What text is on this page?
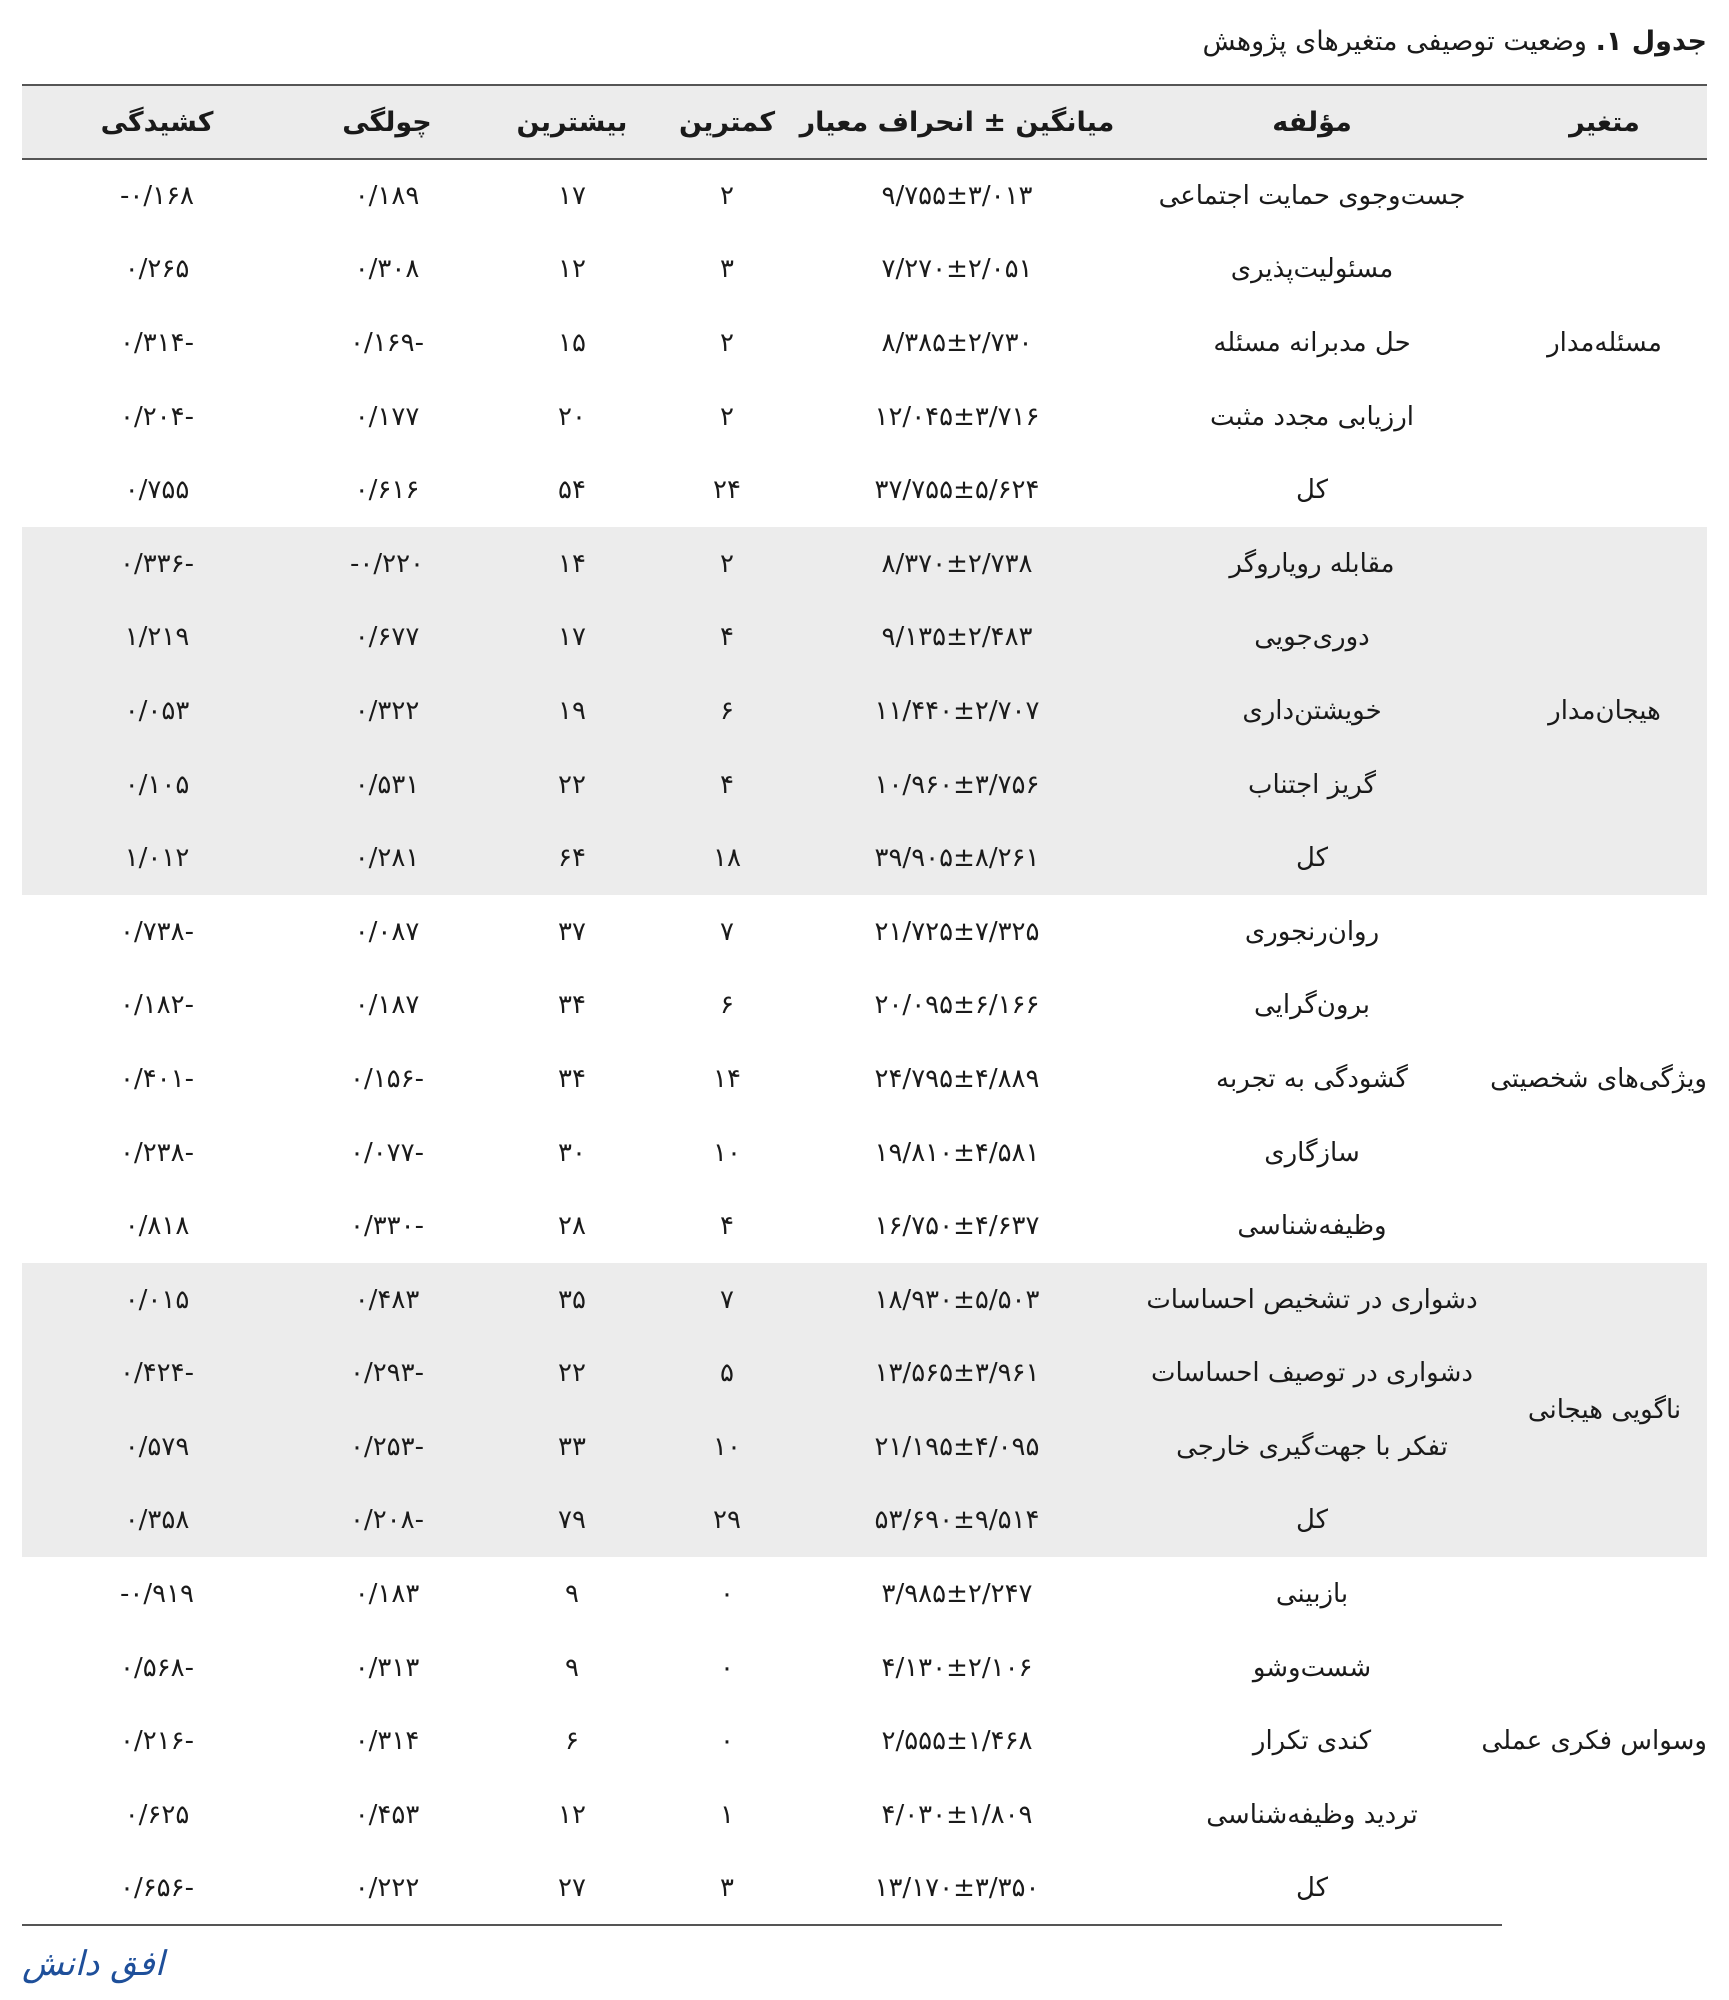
جدول ۱. وضعیت توصیفی متغیرهای پژوهش
متغیر	مؤلفه	میانگین ± انحراف معیار	کمترین	بیشترین	چولگی	کشیدگی
مسئله‌مدار	جست‌وجوی حمایت اجتماعی	۹/۷۵۵±۳/۰۱۳	۲	۱۷	۰/۱۸۹	۰/۱۶۸-
	مسئولیت‌پذیری	۷/۲۷۰±۲/۰۵۱	۳	۱۲	۰/۳۰۸	۰/۲۶۵
	حل مدبرانه مسئله	۸/۳۸۵±۲/۷۳۰	۲	۱۵	-۰/۱۶۹	-۰/۳۱۴
	ارزیابی مجدد مثبت	۱۲/۰۴۵±۳/۷۱۶	۲	۲۰	۰/۱۷۷	-۰/۲۰۴
	کل	۳۷/۷۵۵±۵/۶۲۴	۲۴	۵۴	۰/۶۱۶	۰/۷۵۵
هیجان‌مدار	مقابله رویاروگر	۸/۳۷۰±۲/۷۳۸	۲	۱۴	۰/۲۲۰-	-۰/۳۳۶
	دوری‌جویی	۹/۱۳۵±۲/۴۸۳	۴	۱۷	۰/۶۷۷	۱/۲۱۹
	خویشتن‌داری	۱۱/۴۴۰±۲/۷۰۷	۶	۱۹	۰/۳۲۲	۰/۰۵۳
	گریز اجتناب	۱۰/۹۶۰±۳/۷۵۶	۴	۲۲	۰/۵۳۱	۰/۱۰۵
	کل	۳۹/۹۰۵±۸/۲۶۱	۱۸	۶۴	۰/۲۸۱	۱/۰۱۲
ویژگی‌های شخصیتی	روان‌رنجوری	۲۱/۷۲۵±۷/۳۲۵	۷	۳۷	۰/۰۸۷	-۰/۷۳۸
	برون‌گرایی	۲۰/۰۹۵±۶/۱۶۶	۶	۳۴	۰/۱۸۷	-۰/۱۸۲
	گشودگی به تجربه	۲۴/۷۹۵±۴/۸۸۹	۱۴	۳۴	-۰/۱۵۶	-۰/۴۰۱
	سازگاری	۱۹/۸۱۰±۴/۵۸۱	۱۰	۳۰	-۰/۰۷۷	-۰/۲۳۸
	وظیفه‌شناسی	۱۶/۷۵۰±۴/۶۳۷	۴	۲۸	-۰/۳۳۰	۰/۸۱۸
ناگویی هیجانی	دشواری در تشخیص احساسات	۱۸/۹۳۰±۵/۵۰۳	۷	۳۵	۰/۴۸۳	۰/۰۱۵
	دشواری در توصیف احساسات	۱۳/۵۶۵±۳/۹۶۱	۵	۲۲	-۰/۲۹۳	-۰/۴۲۴
	تفکر با جهت‌گیری خارجی	۲۱/۱۹۵±۴/۰۹۵	۱۰	۳۳	-۰/۲۵۳	۰/۵۷۹
	کل	۵۳/۶۹۰±۹/۵۱۴	۲۹	۷۹	-۰/۲۰۸	۰/۳۵۸
وسواس فکری عملی	بازبینی	۳/۹۸۵±۲/۲۴۷	۰	۹	۰/۱۸۳	۰/۹۱۹-
	شست‌وشو	۴/۱۳۰±۲/۱۰۶	۰	۹	۰/۳۱۳	-۰/۵۶۸
	کندی تکرار	۲/۵۵۵±۱/۴۶۸	۰	۶	۰/۳۱۴	-۰/۲۱۶
	تردید وظیفه‌شناسی	۴/۰۳۰±۱/۸۰۹	۱	۱۲	۰/۴۵۳	۰/۶۲۵
	کل	۱۳/۱۷۰±۳/۳۵۰	۳	۲۷	۰/۲۲۲	-۰/۶۵۶
افق دانش
